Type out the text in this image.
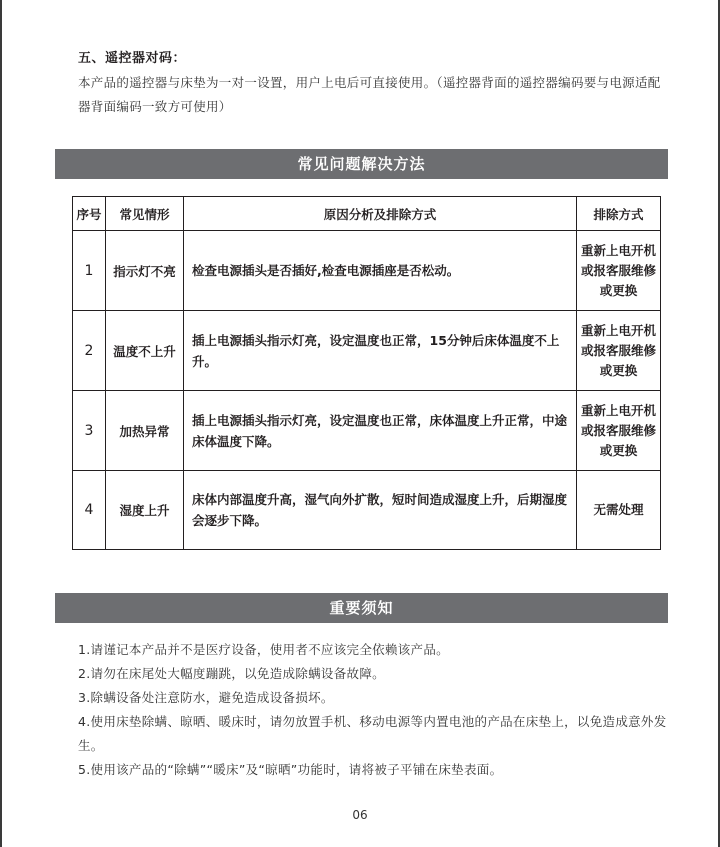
五、遥控器对码：
本产品的遥控器与床垫为一对一设置，用户上电后可直接使用。（遥控器背面的遥控器编码要与电源适配器背面编码一致方可使用）
常见问题解决方法
序号	常见情形	原因分析及排除方式	排除方式
1	指示灯不亮	检查电源插头是否插好,检查电源插座是否松动。	重新上电开机或报客服维修或更换
2	温度不上升	插上电源插头指示灯亮，设定温度也正常，15分钟后床体温度不上升。	重新上电开机或报客服维修或更换
3	加热异常	插上电源插头指示灯亮，设定温度也正常，床体温度上升正常，中途床体温度下降。	重新上电开机或报客服维修或更换
4	湿度上升	床体内部温度升高，湿气向外扩散，短时间造成湿度上升，后期湿度会逐步下降。	无需处理
重要须知
1.请谨记本产品并不是医疗设备，使用者不应该完全依赖该产品。
2.请勿在床尾处大幅度蹦跳，以免造成除螨设备故障。
3.除螨设备处注意防水，避免造成设备损坏。
4.使用床垫除螨、晾晒、暖床时，请勿放置手机、移动电源等内置电池的产品在床垫上，以免造成意外发生。
5.使用该产品的“除螨”“暖床”及“晾晒”功能时，请将被子平铺在床垫表面。
06
